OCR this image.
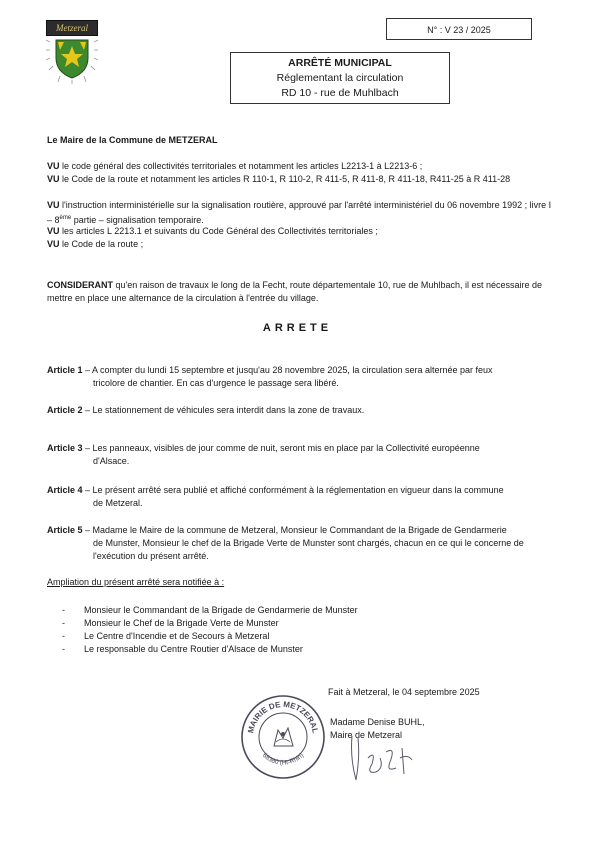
Metzeral	N° : V 23 / 2025
ARRÊTÉ MUNICIPAL
Réglementant la circulation
RD 10 - rue de Muhlbach
Le Maire de la Commune de METZERAL
VU le code général des collectivités territoriales et notamment les articles L2213-1 à L2213-6 ;
VU le Code de la route et notamment les articles R 110-1, R 110-2, R 411-5, R 411-8, R 411-18, R411-25 à R 411-28
VU l'instruction interministérielle sur la signalisation routière, approuvé par l'arrêté interministériel du 06 novembre 1992 ; livre I – 8ème partie – signalisation temporaire.
VU les articles L 2213.1 et suivants du Code Général des Collectivités territoriales ;
VU le Code de la route ;
CONSIDERANT qu'en raison de travaux le long de la Fecht, route départementale 10, rue de Muhlbach, il est nécessaire de mettre en place une alternance de la circulation à l'entrée du village.
ARRETE
Article 1 – A compter du lundi 15 septembre et jusqu'au 28 novembre 2025, la circulation sera alternée par feux
tricolore de chantier. En cas d'urgence le passage sera libéré.
Article 2 – Le stationnement de véhicules sera interdit dans la zone de travaux.
Article 3 – Les panneaux, visibles de jour comme de nuit, seront mis en place par la Collectivité européenne
d'Alsace.
Article 4 – Le présent arrêté sera publié et affiché conformément à la réglementation en vigueur dans la commune
de Metzeral.
Article 5 – Madame le Maire de la commune de Metzeral, Monsieur le Commandant de la Brigade de Gendarmerie
de Munster, Monsieur le chef de la Brigade Verte de Munster sont chargés, chacun en ce qui le concerne de l'exécution du présent arrêté.
Ampliation du présent arrêté sera notifiée à :
- Monsieur le Commandant de la Brigade de Gendarmerie de Munster
- Monsieur le Chef de la Brigade Verte de Munster
- Le Centre d'Incendie et de Secours à Metzeral
- Le responsable du Centre Routier d'Alsace de Munster
Fait à Metzeral, le 04 septembre 2025
MAIRIE DE METZERAL
68380 (Ht-Rhin)
Madame Denise BUHL,
Maire de Metzeral
